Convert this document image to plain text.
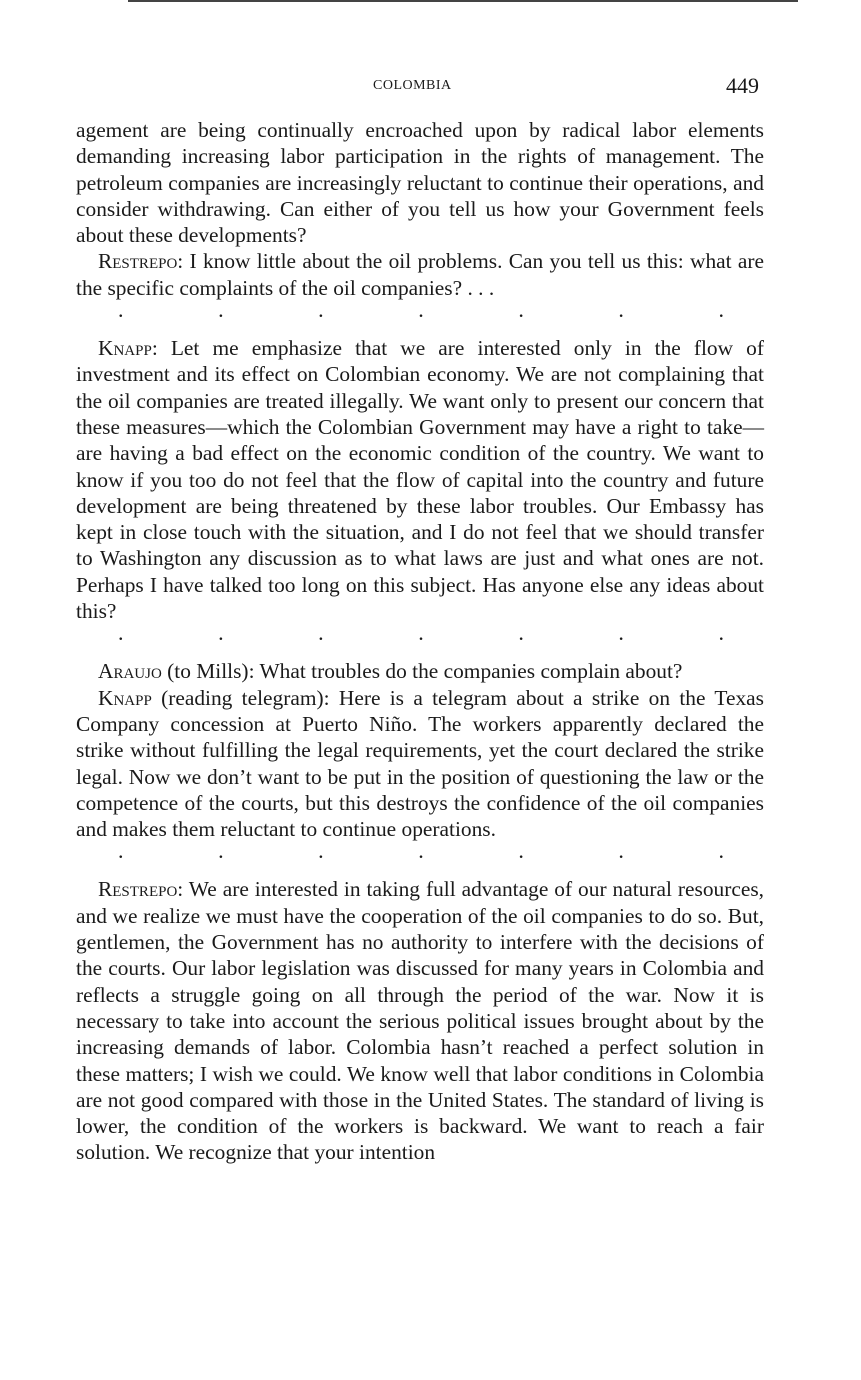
COLOMBIA	449

agement are being continually encroached upon by radical labor elements demanding increasing labor participation in the rights of management. The petroleum companies are increasingly reluctant to continue their operations, and consider withdrawing. Can either of you tell us how your Government feels about these developments?

Restrepo: I know little about the oil problems. Can you tell us this: what are the specific complaints of the oil companies? . . .

.	.	.	.	.	.	.

Knapp: Let me emphasize that we are interested only in the flow of investment and its effect on Colombian economy. We are not complaining that the oil companies are treated illegally. We want only to present our concern that these measures—which the Colombian Government may have a right to take—are having a bad effect on the economic condition of the country. We want to know if you too do not feel that the flow of capital into the country and future development are being threatened by these labor troubles. Our Embassy has kept in close touch with the situation, and I do not feel that we should transfer to Washington any discussion as to what laws are just and what ones are not. Perhaps I have talked too long on this subject. Has anyone else any ideas about this?

.	.	.	.	.	.	.

Araujo (to Mills): What troubles do the companies complain about?

Knapp (reading telegram): Here is a telegram about a strike on the Texas Company concession at Puerto Niño. The workers apparently declared the strike without fulfilling the legal requirements, yet the court declared the strike legal. Now we don’t want to be put in the position of questioning the law or the competence of the courts, but this destroys the confidence of the oil companies and makes them reluctant to continue operations.

.	.	.	.	.	.	.

Restrepo: We are interested in taking full advantage of our natural resources, and we realize we must have the cooperation of the oil companies to do so. But, gentlemen, the Government has no authority to interfere with the decisions of the courts. Our labor legislation was discussed for many years in Colombia and reflects a struggle going on all through the period of the war. Now it is necessary to take into account the serious political issues brought about by the increasing demands of labor. Colombia hasn’t reached a perfect solution in these matters; I wish we could. We know well that labor conditions in Colombia are not good compared with those in the United States. The standard of living is lower, the condition of the workers is backward. We want to reach a fair solution. We recognize that your intention
